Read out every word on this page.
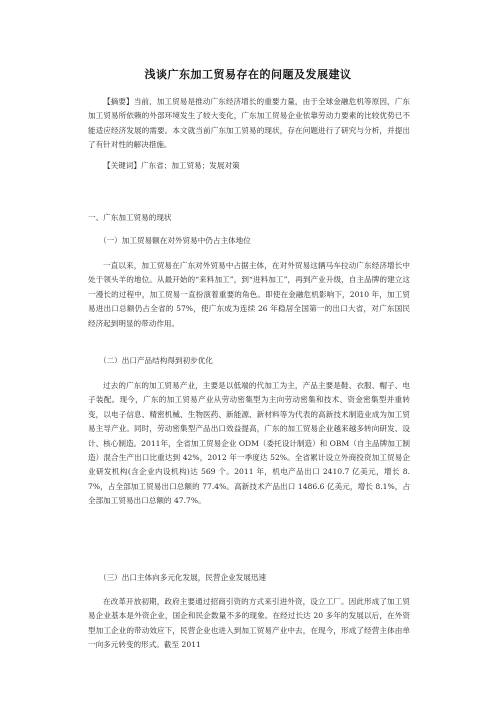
浅谈广东加工贸易存在的问题及发展建议
【摘要】当前，加工贸易是推动广东经济增长的重要力量，由于全球金融危机等原因，广东加工贸易所依赖的外部环境发生了较大变化，广东加工贸易企业依靠劳动力要素的比较优势已不能适应经济发展的需要。本文就当前广东加工贸易的现状，存在问题进行了研究与分析，并提出了有针对性的解决措施。
【关键词】广东省；加工贸易；发展对策
一、广东加工贸易的现状
（一）加工贸易额在对外贸易中仍占主体地位
一直以来，加工贸易在广东对外贸易中占据主体，在对外贸易这辆马车拉动广东经济增长中处于领头羊的地位。从最开始的“来料加工”，到“进料加工”，再到产业升级，自主品牌的建立这一漫长的过程中，加工贸易一直扮演着重要的角色。即使在金融危机影响下，2010 年，加工贸易进出口总额仍占全省的 57%，使广东成为连续 26 年稳居全国第一的出口大省，对广东国民经济起到明显的带动作用。
（二）出口产品结构得到初步优化
过去的广东的加工贸易产业，主要是以低端的代加工为主，产品主要是鞋、衣服、帽子、电子装配。现今，广东的加工贸易产业从劳动密集型为主向劳动密集和技术、资金密集型并重转变，以电子信息、精密机械、生物医药、新能源、新材料等为代表的高新技术制造业成为加工贸易主导产业。同时，劳动密集型产品出口效益提高，广东的加工贸易企业越来越多转向研发、设计、核心制造。2011年，全省加工贸易企业 ODM（委托设计制造）和 OBM（自主品牌加工制造）混合生产出口比重达到 42%，2012 年一季度达 52%。全省累计设立外商投资加工贸易企业研发机构(含企业内设机构)达 569 个。2011 年，机电产品出口 2410.7 亿美元，增长 8.7%，占全部加工贸易出口总额的 77.4%。高新技术产品出口 1486.6 亿美元，增长 8.1%，占全部加工贸易出口总额的 47.7%。
（三）出口主体向多元化发展，民营企业发展迅速
在改革开放初期，政府主要通过招商引资的方式来引进外资，设立工厂。因此形成了加工贸易企业基本是外资企业，国企和民企数量不多的现象。在经过长达 20 多年的发展以后，在外资型加工企业的带动效应下，民营企业也进入到加工贸易产业中去，在现今，形成了经营主体由单一向多元转变的形式。截至 2011
